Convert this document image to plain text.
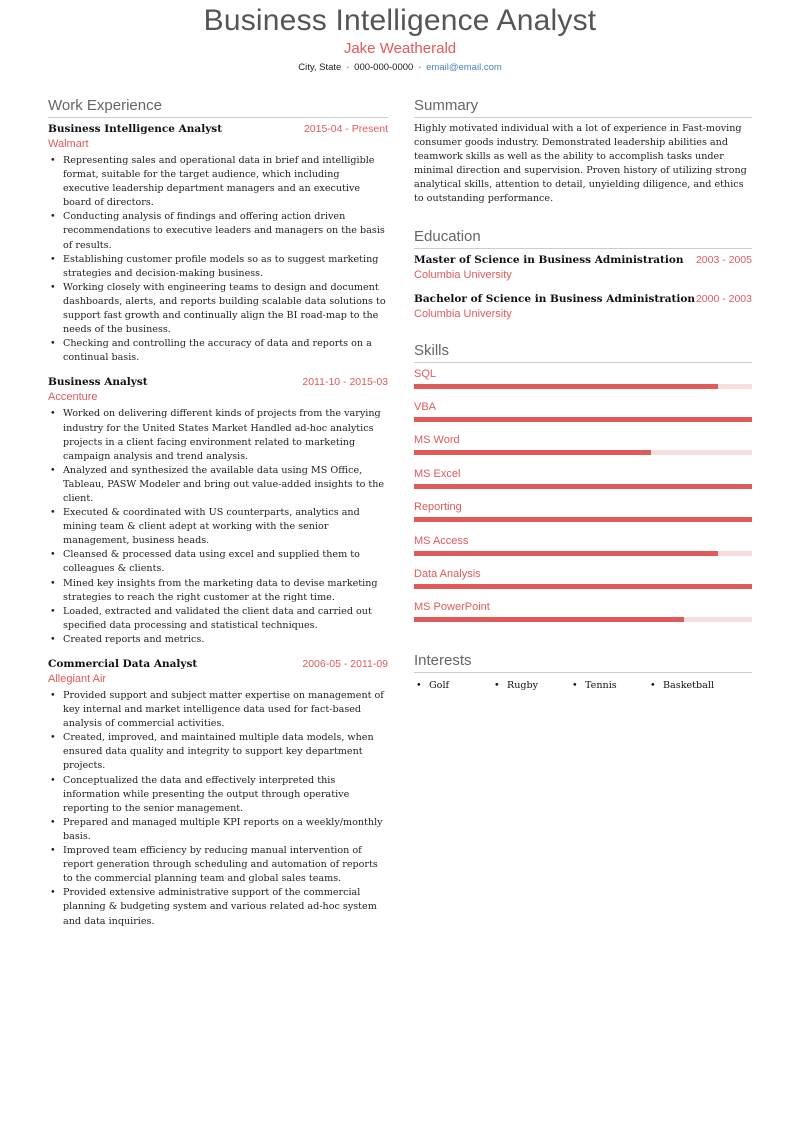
Business Intelligence Analyst
Jake Weatherald
City, State • 000-000-0000 • email@email.com
Work Experience
Business Intelligence Analyst	2015-04 - Present
Walmart
• Representing sales and operational data in brief and intelligible format, suitable for the target audience, which including executive leadership department managers and an executive board of directors.
• Conducting analysis of findings and offering action driven recommendations to executive leaders and managers on the basis of results.
• Establishing customer profile models so as to suggest marketing strategies and decision-making business.
• Working closely with engineering teams to design and document dashboards, alerts, and reports building scalable data solutions to support fast growth and continually align the BI road-map to the needs of the business.
• Checking and controlling the accuracy of data and reports on a continual basis.
Business Analyst	2011-10 - 2015-03
Accenture
• Worked on delivering different kinds of projects from the varying industry for the United States Market Handled ad-hoc analytics projects in a client facing environment related to marketing campaign analysis and trend analysis.
• Analyzed and synthesized the available data using MS Office, Tableau, PASW Modeler and bring out value-added insights to the client.
• Executed & coordinated with US counterparts, analytics and mining team & client adept at working with the senior management, business heads.
• Cleansed & processed data using excel and supplied them to colleagues & clients.
• Mined key insights from the marketing data to devise marketing strategies to reach the right customer at the right time.
• Loaded, extracted and validated the client data and carried out specified data processing and statistical techniques.
• Created reports and metrics.
Commercial Data Analyst	2006-05 - 2011-09
Allegiant Air
• Provided support and subject matter expertise on management of key internal and market intelligence data used for fact-based analysis of commercial activities.
• Created, improved, and maintained multiple data models, when ensured data quality and integrity to support key department projects.
• Conceptualized the data and effectively interpreted this information while presenting the output through operative reporting to the senior management.
• Prepared and managed multiple KPI reports on a weekly/monthly basis.
• Improved team efficiency by reducing manual intervention of report generation through scheduling and automation of reports to the commercial planning team and global sales teams.
• Provided extensive administrative support of the commercial planning & budgeting system and various related ad-hoc system and data inquiries.
Summary

Highly motivated individual with a lot of experience in Fast-moving consumer goods industry. Demonstrated leadership abilities and teamwork skills as well as the ability to accomplish tasks under minimal direction and supervision. Proven history of utilizing strong analytical skills, attention to detail, unyielding diligence, and ethics to outstanding performance.

Education
Master of Science in Business Administration 2003 - 2005
Columbia University
Bachelor of Science in Business Administration 2000 - 2003
Columbia University
Skills
SQL
VBA
MS Word
MS Excel
Reporting
MS Access
Data Analysis
MS PowerPoint
Interests
• Golf	• Rugby	• Tennis	• Basketball
